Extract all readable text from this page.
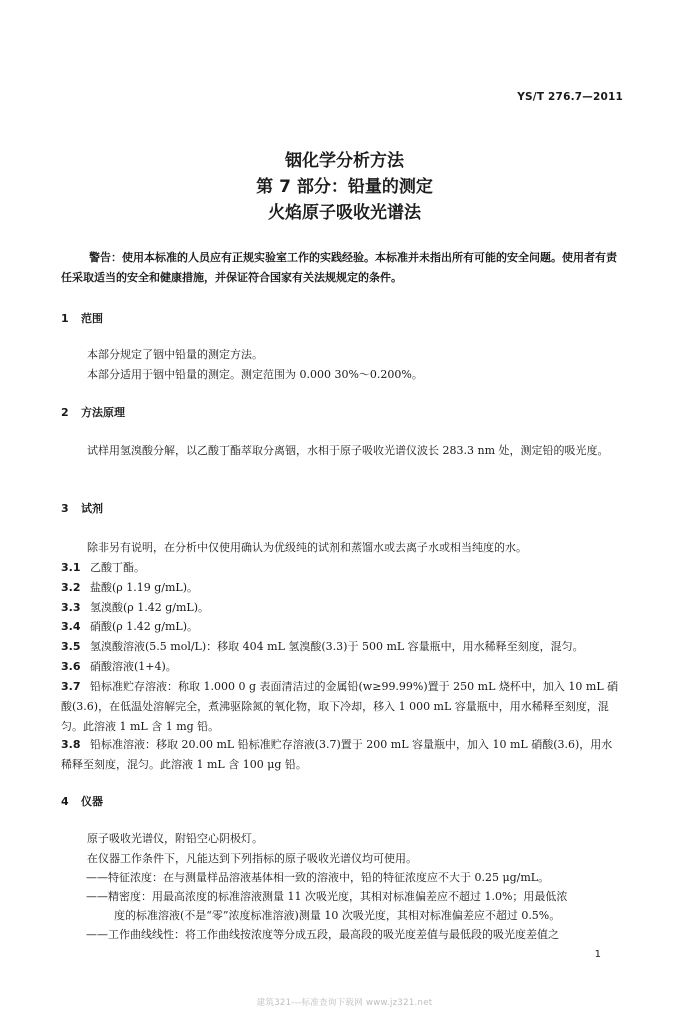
YS/T 276.7—2011
铟化学分析方法
第 7 部分：铅量的测定
火焰原子吸收光谱法
警告：使用本标准的人员应有正规实验室工作的实践经验。本标准并未指出所有可能的安全问题。使用者有责任采取适当的安全和健康措施，并保证符合国家有关法规规定的条件。
1 范围
本部分规定了铟中铅量的测定方法。
本部分适用于铟中铅量的测定。测定范围为 0.000 30%～0.200%。
2 方法原理
试样用氢溴酸分解，以乙酸丁酯萃取分离铟，水相于原子吸收光谱仪波长 283.3 nm 处，测定铅的吸光度。
3 试剂
除非另有说明，在分析中仅使用确认为优级纯的试剂和蒸馏水或去离子水或相当纯度的水。
3.1 乙酸丁酯。
3.2 盐酸(ρ 1.19 g/mL)。
3.3 氢溴酸(ρ 1.42 g/mL)。
3.4 硝酸(ρ 1.42 g/mL)。
3.5 氢溴酸溶液(5.5 mol/L)：移取 404 mL 氢溴酸(3.3)于 500 mL 容量瓶中，用水稀释至刻度，混匀。
3.6 硝酸溶液(1+4)。
3.7 铅标准贮存溶液：称取 1.000 0 g 表面清洁过的金属铅(w≥99.99%)置于 250 mL 烧杯中，加入 10 mL 硝酸(3.6)，在低温处溶解完全，煮沸驱除氮的氧化物，取下冷却，移入 1 000 mL 容量瓶中，用水稀释至刻度，混匀。此溶液 1 mL 含 1 mg 铅。
3.8 铅标准溶液：移取 20.00 mL 铅标准贮存溶液(3.7)置于 200 mL 容量瓶中，加入 10 mL 硝酸(3.6)，用水稀释至刻度，混匀。此溶液 1 mL 含 100 μg 铅。
4 仪器
原子吸收光谱仪，附铅空心阴极灯。
在仪器工作条件下，凡能达到下列指标的原子吸收光谱仪均可使用。
——特征浓度：在与测量样品溶液基体相一致的溶液中，铅的特征浓度应不大于 0.25 μg/mL。
——精密度：用最高浓度的标准溶液测量 11 次吸光度，其相对标准偏差应不超过 1.0%；用最低浓
度的标准溶液(不是“零”浓度标准溶液)测量 10 次吸光度，其相对标准偏差应不超过 0.5%。
——工作曲线线性：将工作曲线按浓度等分成五段，最高段的吸光度差值与最低段的吸光度差值之
1
建筑321---标准查询下载网 www.jz321.net
